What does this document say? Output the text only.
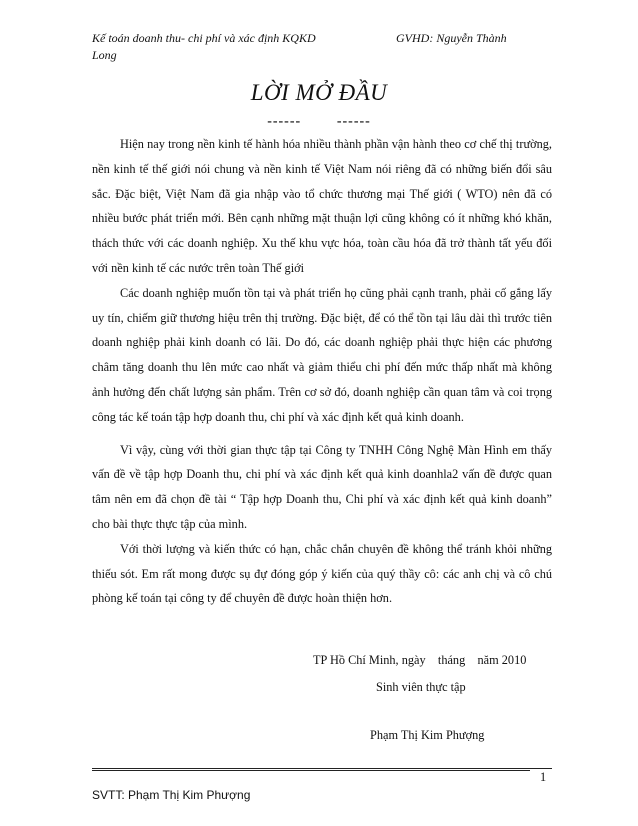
Kế toán doanh thu- chi phí và xác định KQKD	GVHD: Nguyễn Thành
Long
LỜI MỞ ĐẦU
------ ------

Hiện nay trong nền kinh tế hành hóa nhiều thành phần vận hành theo cơ chế thị trường, nền kinh tế thế giới nói chung và nền kinh tế Việt Nam nói riêng đã có những biến đổi sâu sắc. Đặc biệt, Việt Nam đã gia nhập vào tổ chức thương mại Thế giới ( WTO) nên đã có nhiều bước phát triển mới. Bên cạnh những mặt thuận lợi cũng không có ít những khó khăn, thách thức với các doanh nghiệp. Xu thế khu vực hóa, toàn cầu hóa đã trở thành tất yếu đối với nền kinh tế các nước trên toàn Thế giới

Các doanh nghiệp muốn tồn tại và phát triển họ cũng phải cạnh tranh, phải cố gắng lấy uy tín, chiếm giữ thương hiệu trên thị trường. Đặc biệt, để có thể tồn tại lâu dài thì trước tiên doanh nghiệp phải kinh doanh có lãi. Do đó, các doanh nghiệp phải thực hiện các phương châm tăng doanh thu lên mức cao nhất và giảm thiểu chi phí đến mức thấp nhất mà không ảnh hưởng đến chất lượng sản phẩm. Trên cơ sở đó, doanh nghiệp cần quan tâm và coi trọng công tác kế toán tập hợp doanh thu, chi phí và xác định kết quả kinh doanh.

Vì vậy, cùng với thời gian thực tập tại Công ty TNHH Công Nghệ Màn Hình em thấy vấn đề về tập hợp Doanh thu, chi phí và xác định kết quả kinh doanhla2 vấn đề được quan tâm nên em đã chọn đề tài “ Tập hợp Doanh thu, Chi phí và xác định kết quả kinh doanh” cho bài thực thực tập của mình.

Với thời lượng và kiến thức có hạn, chắc chắn chuyên đề không thể tránh khỏi những thiếu sót. Em rất mong được sụ đự đóng góp ý kiến của quý thầy cô: các anh chị và cô chú phòng kế toán tại công ty để chuyên đề được hoàn thiện hơn.

TP Hồ Chí Minh, ngày    tháng    năm 2010
Sinh viên thực tập
Phạm Thị Kim Phượng
SVTT: Phạm Thị Kim Phượng
1
